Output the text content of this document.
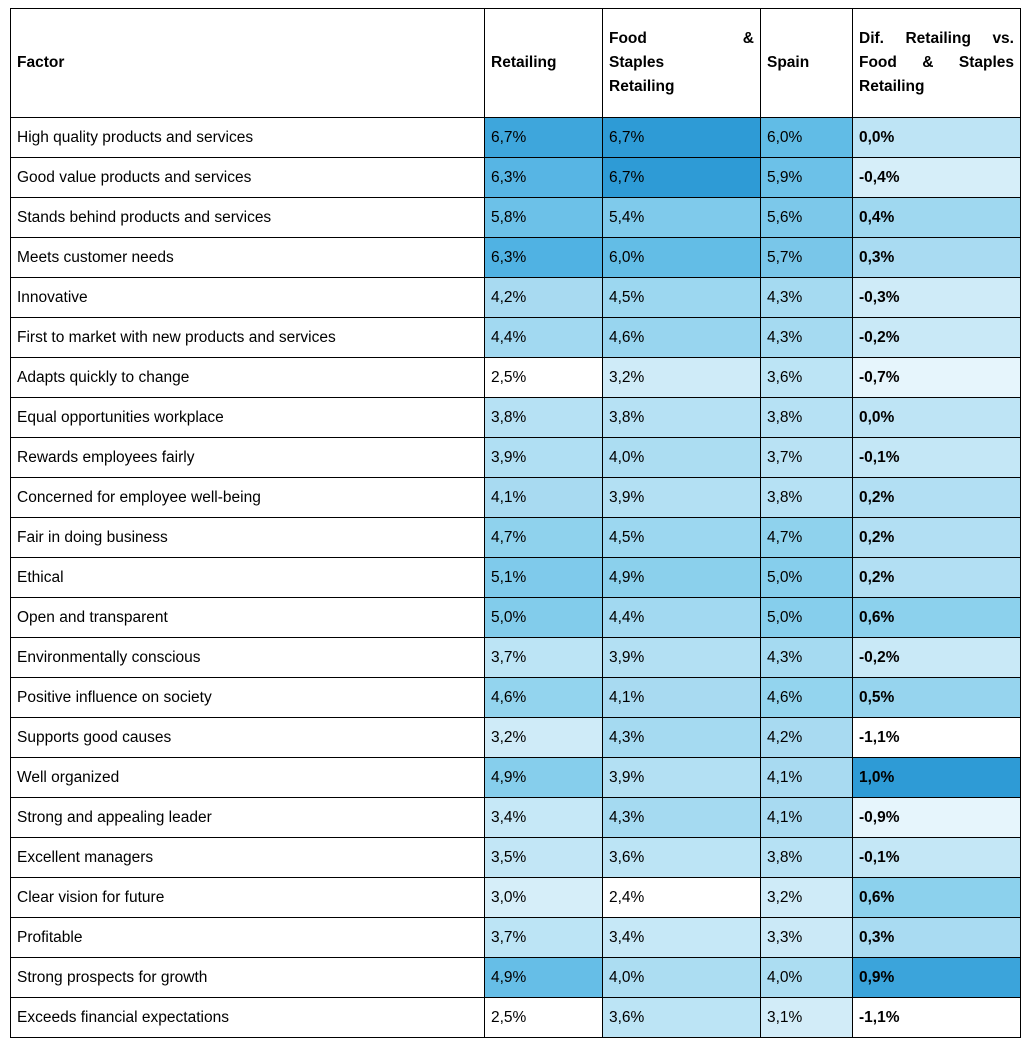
Factor	Retailing	Food &
Staples
Retailing	Spain	Dif. Retailing vs.
Food & Staples
Retailing

High quality products and services	6,7%	6,7%	6,0%	0,0%
Good value products and services	6,3%	6,7%	5,9%	-0,4%
Stands behind products and services	5,8%	5,4%	5,6%	0,4%
Meets customer needs	6,3%	6,0%	5,7%	0,3%
Innovative	4,2%	4,5%	4,3%	-0,3%
First to market with new products and services	4,4%	4,6%	4,3%	-0,2%
Adapts quickly to change	2,5%	3,2%	3,6%	-0,7%
Equal opportunities workplace	3,8%	3,8%	3,8%	0,0%
Rewards employees fairly	3,9%	4,0%	3,7%	-0,1%
Concerned for employee well-being	4,1%	3,9%	3,8%	0,2%
Fair in doing business	4,7%	4,5%	4,7%	0,2%
Ethical	5,1%	4,9%	5,0%	0,2%
Open and transparent	5,0%	4,4%	5,0%	0,6%
Environmentally conscious	3,7%	3,9%	4,3%	-0,2%
Positive influence on society	4,6%	4,1%	4,6%	0,5%
Supports good causes	3,2%	4,3%	4,2%	-1,1%
Well organized	4,9%	3,9%	4,1%	1,0%
Strong and appealing leader	3,4%	4,3%	4,1%	-0,9%
Excellent managers	3,5%	3,6%	3,8%	-0,1%
Clear vision for future	3,0%	2,4%	3,2%	0,6%
Profitable	3,7%	3,4%	3,3%	0,3%
Strong prospects for growth	4,9%	4,0%	4,0%	0,9%
Exceeds financial expectations	2,5%	3,6%	3,1%	-1,1%
